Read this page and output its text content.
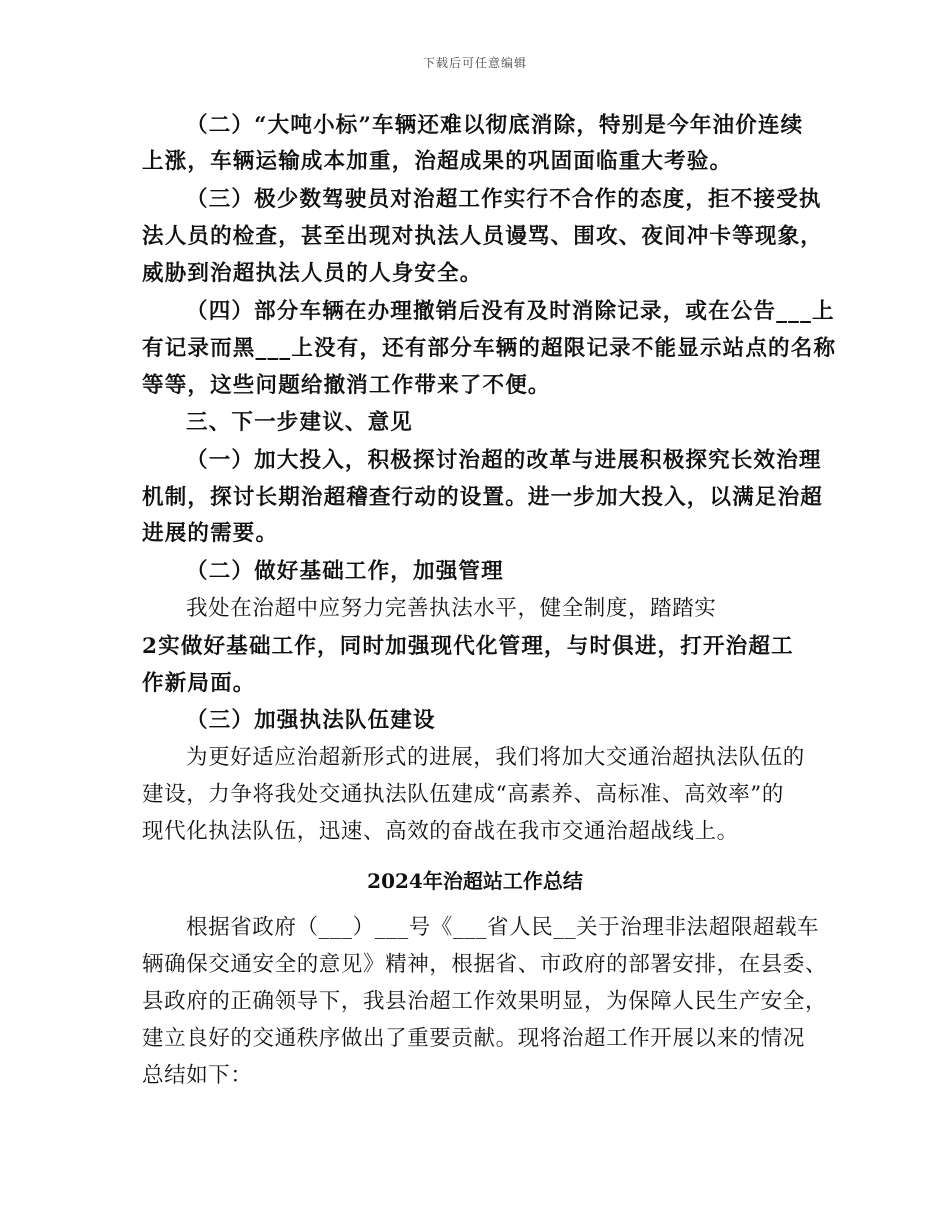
下载后可任意编辑
（二）“大吨小标”车辆还难以彻底消除，特别是今年油价连续
上涨，车辆运输成本加重，治超成果的巩固面临重大考验。
（三）极少数驾驶员对治超工作实行不合作的态度，拒不接受执
法人员的检查，甚至出现对执法人员谩骂、围攻、夜间冲卡等现象，
威胁到治超执法人员的人身安全。
（四）部分车辆在办理撤销后没有及时消除记录，或在公告___上
有记录而黑___上没有，还有部分车辆的超限记录不能显示站点的名称
等等，这些问题给撤消工作带来了不便。
三、下一步建议、意见
（一）加大投入，积极探讨治超的改革与进展积极探究长效治理
机制，探讨长期治超稽查行动的设置。进一步加大投入，以满足治超
进展的需要。
（二）做好基础工作，加强管理
我处在治超中应努力完善执法水平，健全制度，踏踏实
2实做好基础工作，同时加强现代化管理，与时俱进，打开治超工
作新局面。
（三）加强执法队伍建设
为更好适应治超新形式的进展，我们将加大交通治超执法队伍的
建设，力争将我处交通执法队伍建成“高素养、高标准、高效率”的
现代化执法队伍，迅速、高效的奋战在我市交通治超战线上。
2024年治超站工作总结
根据省政府（___）___号《___省人民__关于治理非法超限超载车
辆确保交通安全的意见》精神，根据省、市政府的部署安排，在县委、
县政府的正确领导下，我县治超工作效果明显，为保障人民生产安全，
建立良好的交通秩序做出了重要贡献。现将治超工作开展以来的情况
总结如下：
